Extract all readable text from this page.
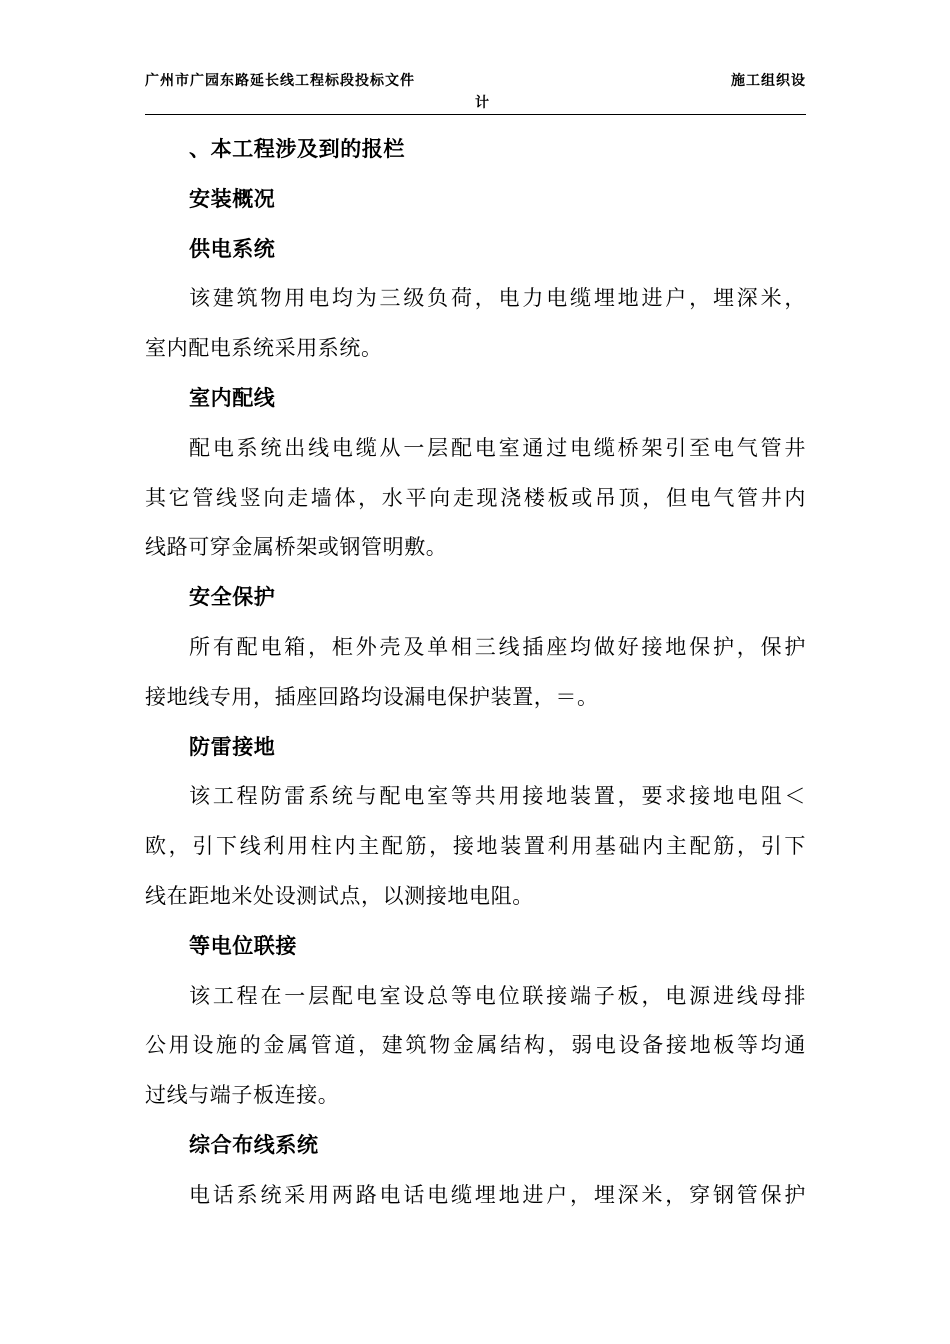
广州市广园东路延长线工程标段投标文件	施工组织设
计
、本工程涉及到的报栏
安装概况
供电系统
该建筑物用电均为三级负荷，电力电缆埋地进户，埋深米，
室内配电系统采用系统。
室内配线
配电系统出线电缆从一层配电室通过电缆桥架引至电气管井
其它管线竖向走墙体，水平向走现浇楼板或吊顶，但电气管井内
线路可穿金属桥架或钢管明敷。
安全保护
所有配电箱，柜外壳及单相三线插座均做好接地保护，保护
接地线专用，插座回路均设漏电保护装置，＝。
防雷接地
该工程防雷系统与配电室等共用接地装置，要求接地电阻＜
欧，引下线利用柱内主配筋，接地装置利用基础内主配筋，引下
线在距地米处设测试点，以测接地电阻。
等电位联接
该工程在一层配电室设总等电位联接端子板，电源进线母排
公用设施的金属管道，建筑物金属结构，弱电设备接地板等均通
过线与端子板连接。
综合布线系统
电话系统采用两路电话电缆埋地进户，埋深米，穿钢管保护
